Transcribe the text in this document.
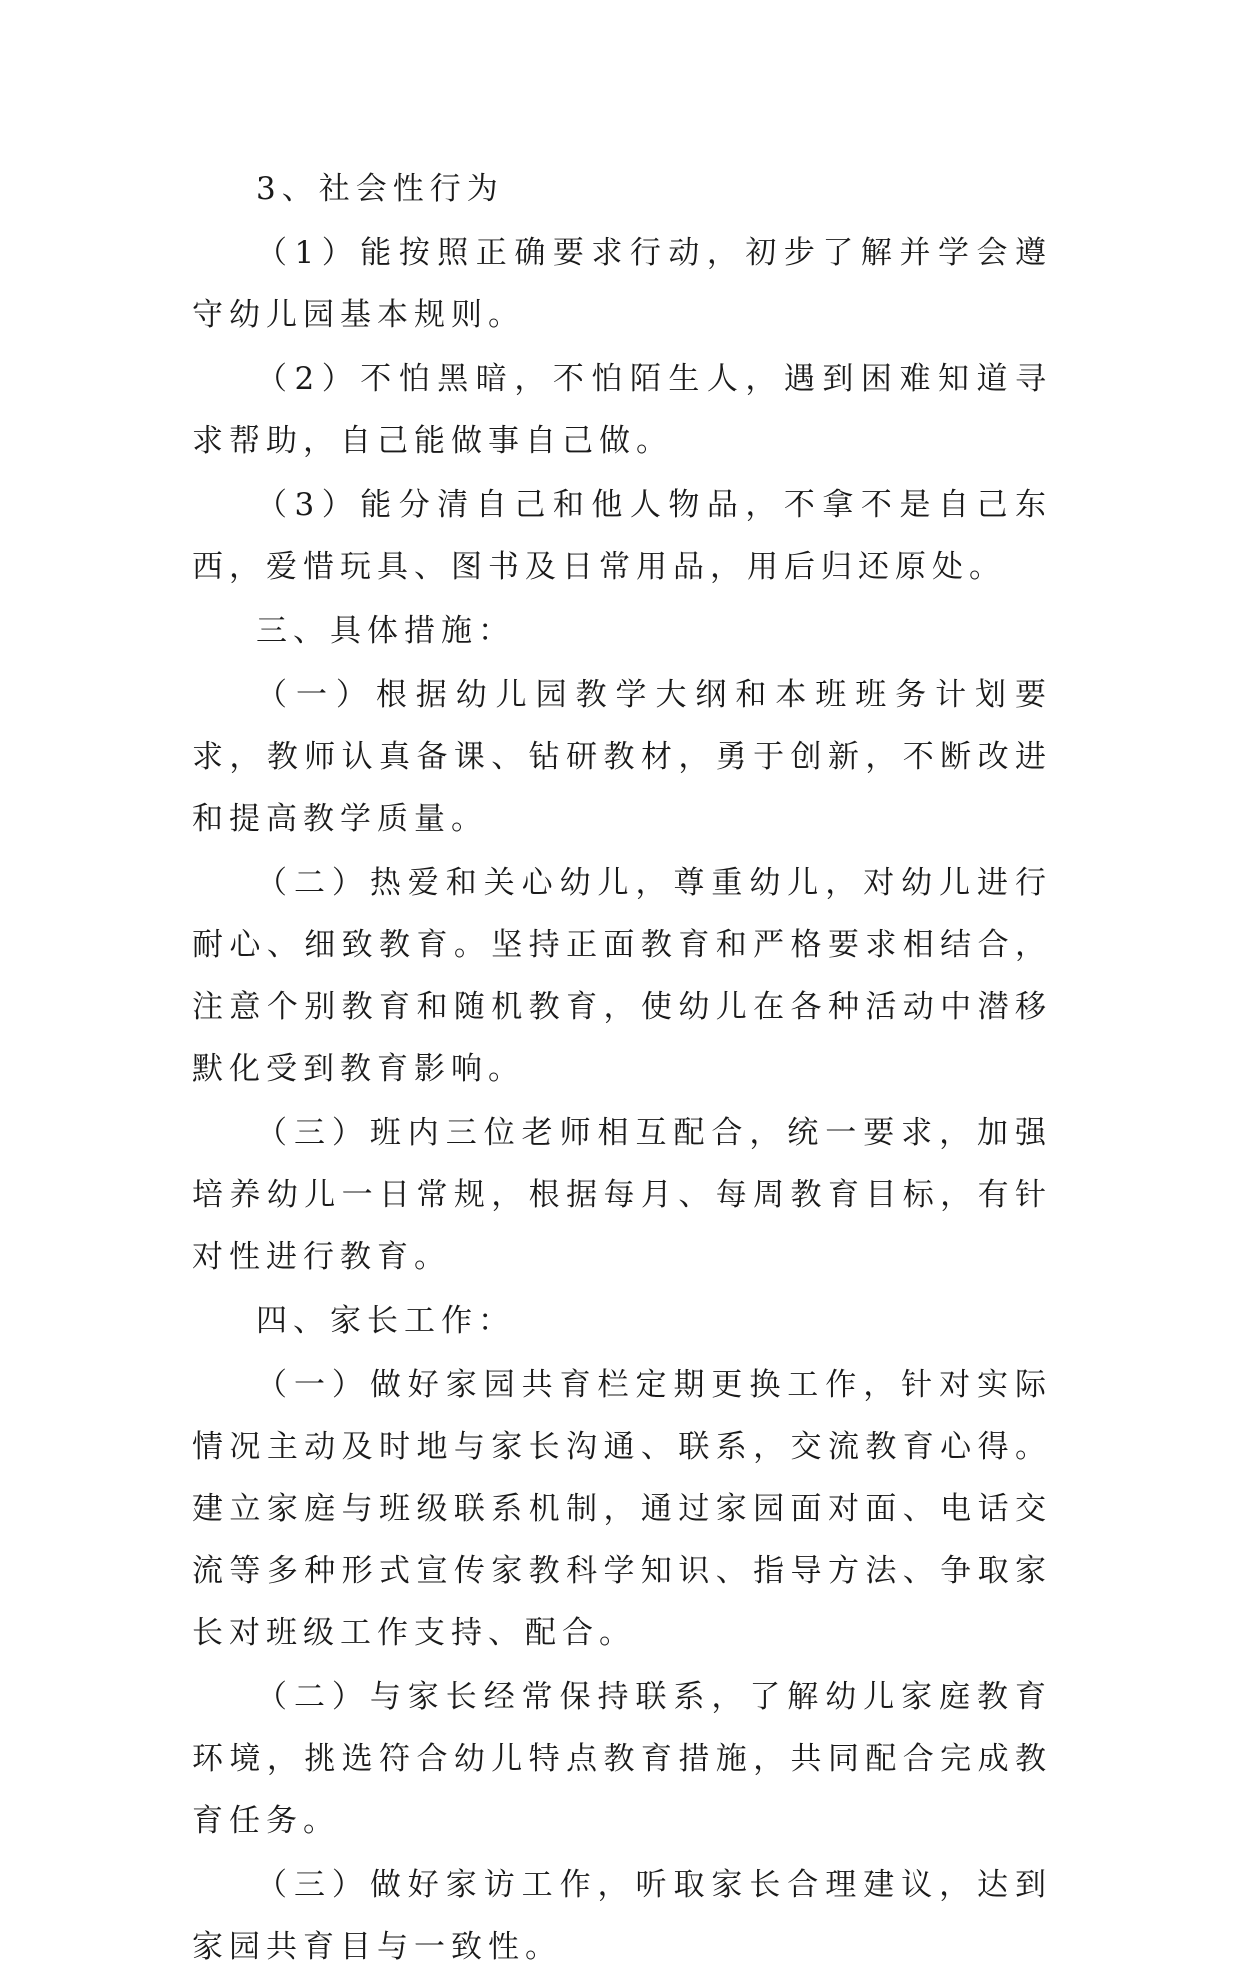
3、社会性行为

（1）能按照正确要求行动，初步了解并学会遵守幼儿园基本规则。

（2）不怕黑暗，不怕陌生人，遇到困难知道寻求帮助，自己能做事自己做。

（3）能分清自己和他人物品，不拿不是自己东西，爱惜玩具、图书及日常用品，用后归还原处。

三、具体措施：

（一）根据幼儿园教学大纲和本班班务计划要求，教师认真备课、钻研教材，勇于创新，不断改进和提高教学质量。

（二）热爱和关心幼儿，尊重幼儿，对幼儿进行耐心、细致教育。坚持正面教育和严格要求相结合，注意个别教育和随机教育，使幼儿在各种活动中潜移默化受到教育影响。

（三）班内三位老师相互配合，统一要求，加强培养幼儿一日常规，根据每月、每周教育目标，有针对性进行教育。

四、家长工作：

（一）做好家园共育栏定期更换工作，针对实际情况主动及时地与家长沟通、联系，交流教育心得。建立家庭与班级联系机制，通过家园面对面、电话交流等多种形式宣传家教科学知识、指导方法、争取家长对班级工作支持、配合。

（二）与家长经常保持联系，了解幼儿家庭教育环境，挑选符合幼儿特点教育措施，共同配合完成教育任务。

（三）做好家访工作，听取家长合理建议，达到家园共育目与一致性。
